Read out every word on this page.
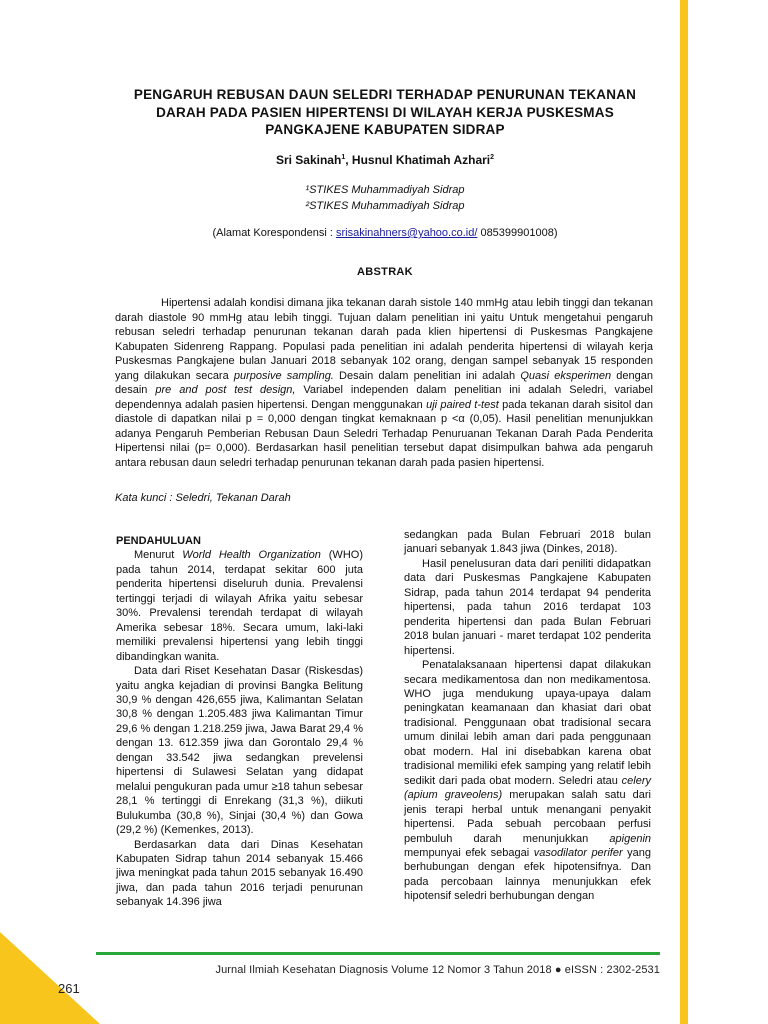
261
Jurnal Ilmiah Kesehatan Diagnosis Volume 12 Nomor 3 Tahun 2018 ● eISSN : 2302-2531

PENGARUH REBUSAN DAUN SELEDRI TERHADAP PENURUNAN TEKANAN

DARAH PADA PASIEN HIPERTENSI DI WILAYAH KERJA PUSKESMAS

PANGKAJENE KABUPATEN SIDRAP

Sri Sakinah$^1$, Husnul Khatimah Azhari$^2$
¹STIKES Muhammadiyah Sidrap
²STIKES Muhammadiyah Sidrap
(Alamat Korespondensi : srisakinahners@yahoo.co.id/ 085399901008)
ABSTRAK

Hipertensi adalah kondisi dimana jika tekanan darah sistole 140 mmHg atau lebih tinggi dan tekanan darah diastole 90 mmHg atau lebih tinggi. Tujuan dalam penelitian ini yaitu Untuk mengetahui pengaruh rebusan seledri terhadap penurunan tekanan darah pada klien hipertensi di Puskesmas Pangkajene Kabupaten Sidenreng Rappang. Populasi pada penelitian ini adalah penderita hipertensi di wilayah kerja Puskesmas Pangkajene bulan Januari 2018 sebanyak 102 orang, dengan sampel sebanyak 15 responden yang dilakukan secara purposive sampling. Desain dalam penelitian ini adalah Quasi eksperimen dengan desain pre and post test design, Variabel independen dalam penelitian ini adalah Seledri, variabel dependennya adalah pasien hipertensi. Dengan menggunakan uji paired t-test pada tekanan darah sisitol dan diastole di dapatkan nilai p = 0,000 dengan tingkat kemaknaan p <α (0,05). Hasil penelitian menunjukkan adanya Pengaruh Pemberian Rebusan Daun Seledri Terhadap Penuruanan Tekanan Darah Pada Penderita Hipertensi nilai (p= 0,000). Berdasarkan hasil penelitian tersebut dapat disimpulkan bahwa ada pengaruh antara rebusan daun seledri terhadap penurunan tekanan darah pada pasien hipertensi.

Kata kunci : Seledri, Tekanan Darah
PENDAHULUAN

Menurut World Health Organization (WHO) pada tahun 2014, terdapat sekitar 600 juta penderita hipertensi diseluruh dunia. Prevalensi tertinggi terjadi di wilayah Afrika yaitu sebesar 30%. Prevalensi terendah terdapat di wilayah Amerika sebesar 18%. Secara umum, laki-laki memiliki prevalensi hipertensi yang lebih tinggi dibandingkan wanita.

Data dari Riset Kesehatan Dasar (Riskesdas) yaitu angka kejadian di provinsi Bangka Belitung 30,9 % dengan 426,655 jiwa, Kalimantan Selatan 30,8 % dengan 1.205.483 jiwa Kalimantan Timur 29,6 % dengan 1.218.259 jiwa, Jawa Barat 29,4 % dengan 13. 612.359 jiwa dan Gorontalo 29,4 % dengan 33.542 jiwa sedangkan prevelensi hipertensi di Sulawesi Selatan yang didapat melalui pengukuran pada umur ≥18 tahun sebesar 28,1 % tertinggi di Enrekang (31,3 %), diikuti Bulukumba (30,8 %), Sinjai (30,4 %) dan Gowa (29,2 %) (Kemenkes, 2013).

Berdasarkan data dari Dinas Kesehatan Kabupaten Sidrap tahun 2014 sebanyak 15.466 jiwa meningkat pada tahun 2015 sebanyak 16.490 jiwa, dan pada tahun 2016 terjadi penurunan sebanyak 14.396 jiwa

sedangkan pada Bulan Februari 2018 bulan januari sebanyak 1.843 jiwa (Dinkes, 2018).

Hasil penelusuran data dari peniliti didapatkan data dari Puskesmas Pangkajene Kabupaten Sidrap, pada tahun 2014 terdapat 94 penderita hipertensi, pada tahun 2016 terdapat 103 penderita hipertensi dan pada Bulan Februari 2018 bulan januari - maret terdapat 102 penderita hipertensi.

Penatalaksanaan hipertensi dapat dilakukan secara medikamentosa dan non medikamentosa. WHO juga mendukung upaya-upaya dalam peningkatan keamanaan dan khasiat dari obat tradisional. Penggunaan obat tradisional secara umum dinilai lebih aman dari pada penggunaan obat modern. Hal ini disebabkan karena obat tradisional memiliki efek samping yang relatif lebih sedikit dari pada obat modern. Seledri atau celery (apium graveolens) merupakan salah satu dari jenis terapi herbal untuk menangani penyakit hipertensi. Pada sebuah percobaan perfusi pembuluh darah menunjukkan apigenin mempunyai efek sebagai vasodilator perifer yang berhubungan dengan efek hipotensifnya. Dan pada percobaan lainnya menunjukkan efek hipotensif seledri berhubungan dengan
